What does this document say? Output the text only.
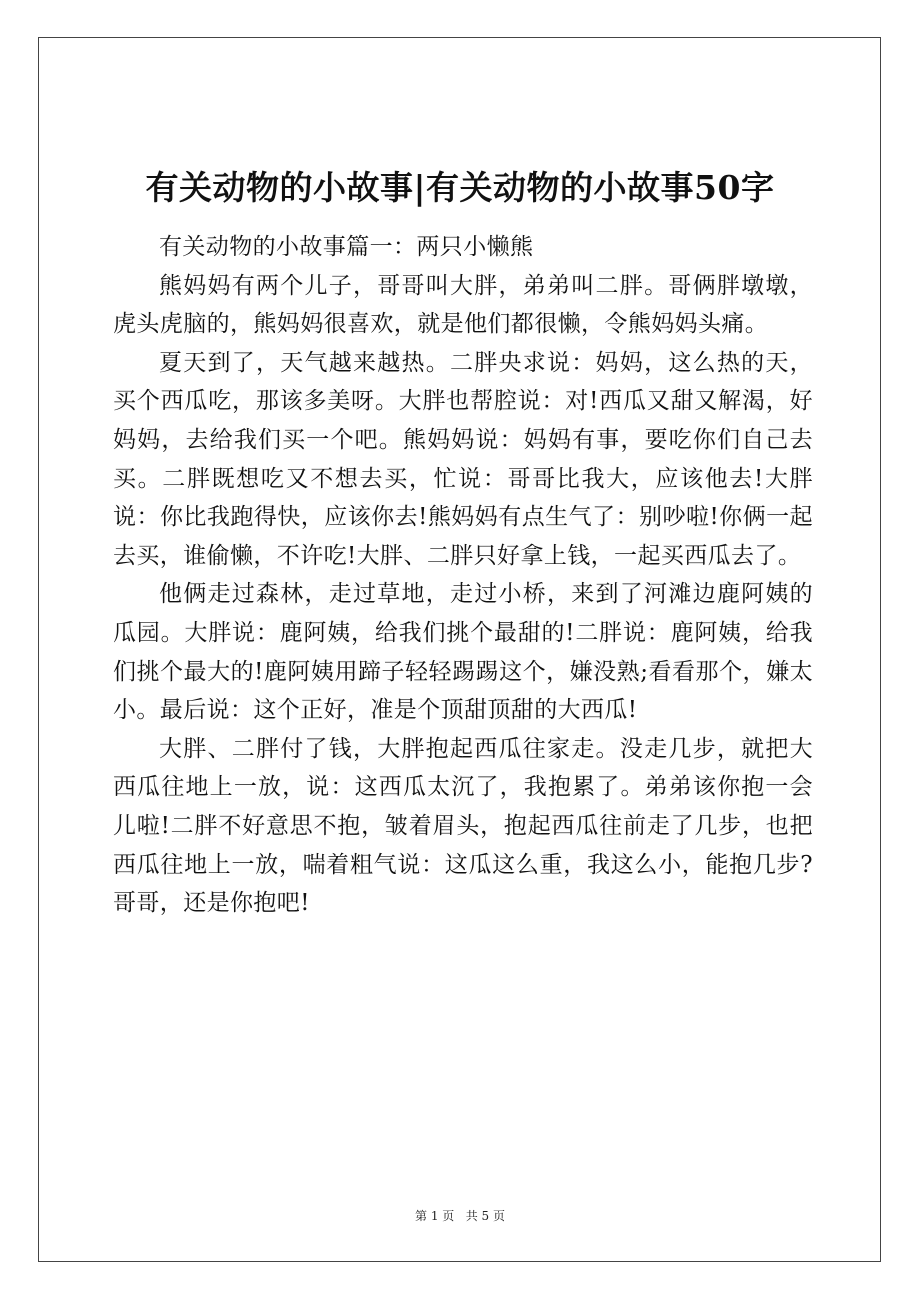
有关动物的小故事|有关动物的小故事50字

有关动物的小故事篇一：两只小懒熊

熊妈妈有两个儿子，哥哥叫大胖，弟弟叫二胖。哥俩胖墩墩，虎头虎脑的，熊妈妈很喜欢，就是他们都很懒，令熊妈妈头痛。

夏天到了，天气越来越热。二胖央求说：妈妈，这么热的天，买个西瓜吃，那该多美呀。大胖也帮腔说：对!西瓜又甜又解渴，好妈妈，去给我们买一个吧。熊妈妈说：妈妈有事，要吃你们自己去买。二胖既想吃又不想去买，忙说：哥哥比我大，应该他去!大胖说：你比我跑得快，应该你去!熊妈妈有点生气了：别吵啦!你俩一起去买，谁偷懒，不许吃!大胖、二胖只好拿上钱，一起买西瓜去了。

他俩走过森林，走过草地，走过小桥，来到了河滩边鹿阿姨的瓜园。大胖说：鹿阿姨，给我们挑个最甜的!二胖说：鹿阿姨，给我们挑个最大的!鹿阿姨用蹄子轻轻踢踢这个，嫌没熟;看看那个，嫌太小。最后说：这个正好，准是个顶甜顶甜的大西瓜!

大胖、二胖付了钱，大胖抱起西瓜往家走。没走几步，就把大西瓜往地上一放，说：这西瓜太沉了，我抱累了。弟弟该你抱一会儿啦!二胖不好意思不抱，皱着眉头，抱起西瓜往前走了几步，也把西瓜往地上一放，喘着粗气说：这瓜这么重，我这么小，能抱几步?哥哥，还是你抱吧!

第 1 页   共 5 页
